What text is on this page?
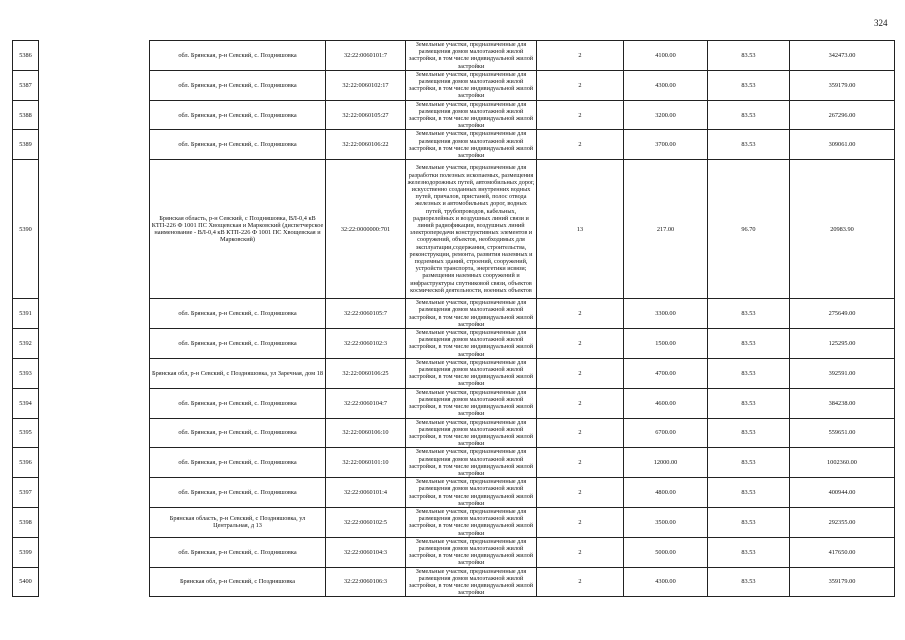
324
5386		обл. Брянская, р-н Севский, с. Поздняшовка	32:22:0060101:7	Земельные участки, предназначенные для размещения домов малоэтажной жилой застройки, в том числе индивидуальной жилой застройки	2	4100.00	83.53	342473.00
5387		обл. Брянская, р-н Севский, с. Поздняшовка	32:22:0060102:17	Земельные участки, предназначенные для размещения домов малоэтажной жилой застройки, в том числе индивидуальной жилой застройки	2	4300.00	83.53	359179.00
5388		обл. Брянская, р-н Севский, с. Поздняшовка	32:22:0060105:27	Земельные участки, предназначенные для размещения домов малоэтажной жилой застройки, в том числе индивидуальной жилой застройки	2	3200.00	83.53	267296.00
5389		обл. Брянская, р-н Севский, с. Поздняшовка	32:22:0060106:22	Земельные участки, предназначенные для размещения домов малоэтажной жилой застройки, в том числе индивидуальной жилой застройки	2	3700.00	83.53	309061.00
5390		Брянская область, р-н Севский, с Поздняшовка, ВЛ-0,4 кВ КТП-226 Ф 1001 ПС Хвощевская и Марковский (диспетчерское наименование - ВЛ-0,4 кВ КТП-226 Ф 1001 ПС Хвощевская и Марковский)	32:22:0000000:701	Земельные участки, предназначенные для разработки полезных ископаемых, размещения железнодорожных путей, автомобильных дорог, искусственно созданных внутренних водных путей, причалов, пристаней, полос отвода железных и автомобильных дорог, водных путей, трубопроводов, кабельных, радиорелейных и воздушных линий связи и линий радиофикации, воздушных линий электропередачи конструктивных элементов и сооружений, объектов, необходимых для эксплуатации,содержания, строительства, реконструкции, ремонта, развития наземных и подземных зданий, строений, сооружений, устройств транспорта, энергетики исвязи; размещения наземных сооружений и инфраструктуры спутниковой связи, объектов космической деятельности, военных объектов	13	217.00	96.70	20983.90
5391		обл. Брянская, р-н Севский, с. Поздняшовка	32:22:0060105:7	Земельные участки, предназначенные для размещения домов малоэтажной жилой застройки, в том числе индивидуальной жилой застройки	2	3300.00	83.53	275649.00
5392		обл. Брянская, р-н Севский, с. Поздняшовка	32:22:0060102:3	Земельные участки, предназначенные для размещения домов малоэтажной жилой застройки, в том числе индивидуальной жилой застройки	2	1500.00	83.53	125295.00
5393		Брянская обл, р-н Севский, с Поздняшовка, ул Заречная, дом 18	32:22:0060106:25	Земельные участки, предназначенные для размещения домов малоэтажной жилой застройки, в том числе индивидуальной жилой застройки	2	4700.00	83.53	392591.00
5394		обл. Брянская, р-н Севский, с. Поздняшовка	32:22:0060104:7	Земельные участки, предназначенные для размещения домов малоэтажной жилой застройки, в том числе индивидуальной жилой застройки	2	4600.00	83.53	384238.00
5395		обл. Брянская, р-н Севский, с. Поздняшовка	32:22:0060106:10	Земельные участки, предназначенные для размещения домов малоэтажной жилой застройки, в том числе индивидуальной жилой застройки	2	6700.00	83.53	559651.00
5396		обл. Брянская, р-н Севский, с. Поздняшовка	32:22:0060101:10	Земельные участки, предназначенные для размещения домов малоэтажной жилой застройки, в том числе индивидуальной жилой застройки	2	12000.00	83.53	1002360.00
5397		обл. Брянская, р-н Севский, с. Поздняшовка	32:22:0060101:4	Земельные участки, предназначенные для размещения домов малоэтажной жилой застройки, в том числе индивидуальной жилой застройки	2	4800.00	83.53	400944.00
5398		Брянская область, р-н Севский, с Поздняшовка, ул Центральная, д 13	32:22:0060102:5	Земельные участки, предназначенные для размещения домов малоэтажной жилой застройки, в том числе индивидуальной жилой застройки	2	3500.00	83.53	292355.00
5399		обл. Брянская, р-н Севский, с. Поздняшовка	32:22:0060104:3	Земельные участки, предназначенные для размещения домов малоэтажной жилой застройки, в том числе индивидуальной жилой застройки	2	5000.00	83.53	417650.00
5400		Брянская обл, р-н Севский, с Поздняшовка	32:22:0060106:3	Земельные участки, предназначенные для размещения домов малоэтажной жилой застройки, в том числе индивидуальной жилой застройки	2	4300.00	83.53	359179.00
